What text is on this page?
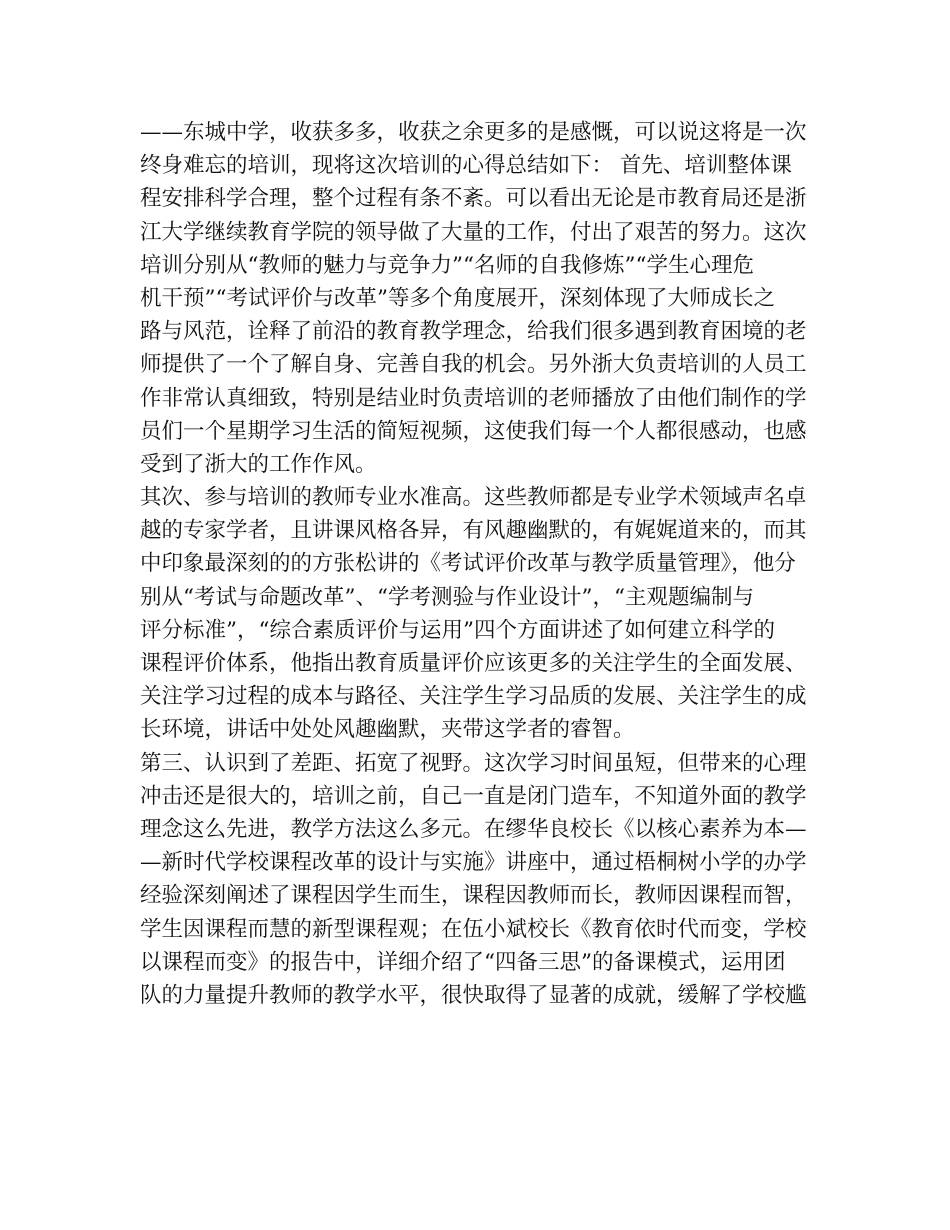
——东城中学，收获多多，收获之余更多的是感慨，可以说这将是一次
终身难忘的培训，现将这次培训的心得总结如下： 首先、培训整体课
程安排科学合理，整个过程有条不紊。可以看出无论是市教育局还是浙
江大学继续教育学院的领导做了大量的工作，付出了艰苦的努力。这次
培训分别从“教师的魅力与竞争力”“名师的自我修炼”“学生心理危
机干预”“考试评价与改革”等多个角度展开，深刻体现了大师成长之
路与风范，诠释了前沿的教育教学理念，给我们很多遇到教育困境的老
师提供了一个了解自身、完善自我的机会。另外浙大负责培训的人员工
作非常认真细致，特别是结业时负责培训的老师播放了由他们制作的学
员们一个星期学习生活的简短视频，这使我们每一个人都很感动，也感
受到了浙大的工作作风。
其次、参与培训的教师专业水准高。这些教师都是专业学术领域声名卓
越的专家学者，且讲课风格各异，有风趣幽默的，有娓娓道来的，而其
中印象最深刻的的方张松讲的《考试评价改革与教学质量管理》，他分
别从“考试与命题改革”、“学考测验与作业设计”，“主观题编制与
评分标准”，“综合素质评价与运用”四个方面讲述了如何建立科学的
课程评价体系，他指出教育质量评价应该更多的关注学生的全面发展、
关注学习过程的成本与路径、关注学生学习品质的发展、关注学生的成
长环境，讲话中处处风趣幽默，夹带这学者的睿智。
第三、认识到了差距、拓宽了视野。这次学习时间虽短，但带来的心理
冲击还是很大的，培训之前，自己一直是闭门造车，不知道外面的教学
理念这么先进，教学方法这么多元。在缪华良校长《以核心素养为本—
—新时代学校课程改革的设计与实施》讲座中，通过梧桐树小学的办学
经验深刻阐述了课程因学生而生，课程因教师而长，教师因课程而智，
学生因课程而慧的新型课程观；在伍小斌校长《教育依时代而变，学校
以课程而变》的报告中，详细介绍了“四备三思”的备课模式，运用团
队的力量提升教师的教学水平，很快取得了显著的成就，缓解了学校尴
